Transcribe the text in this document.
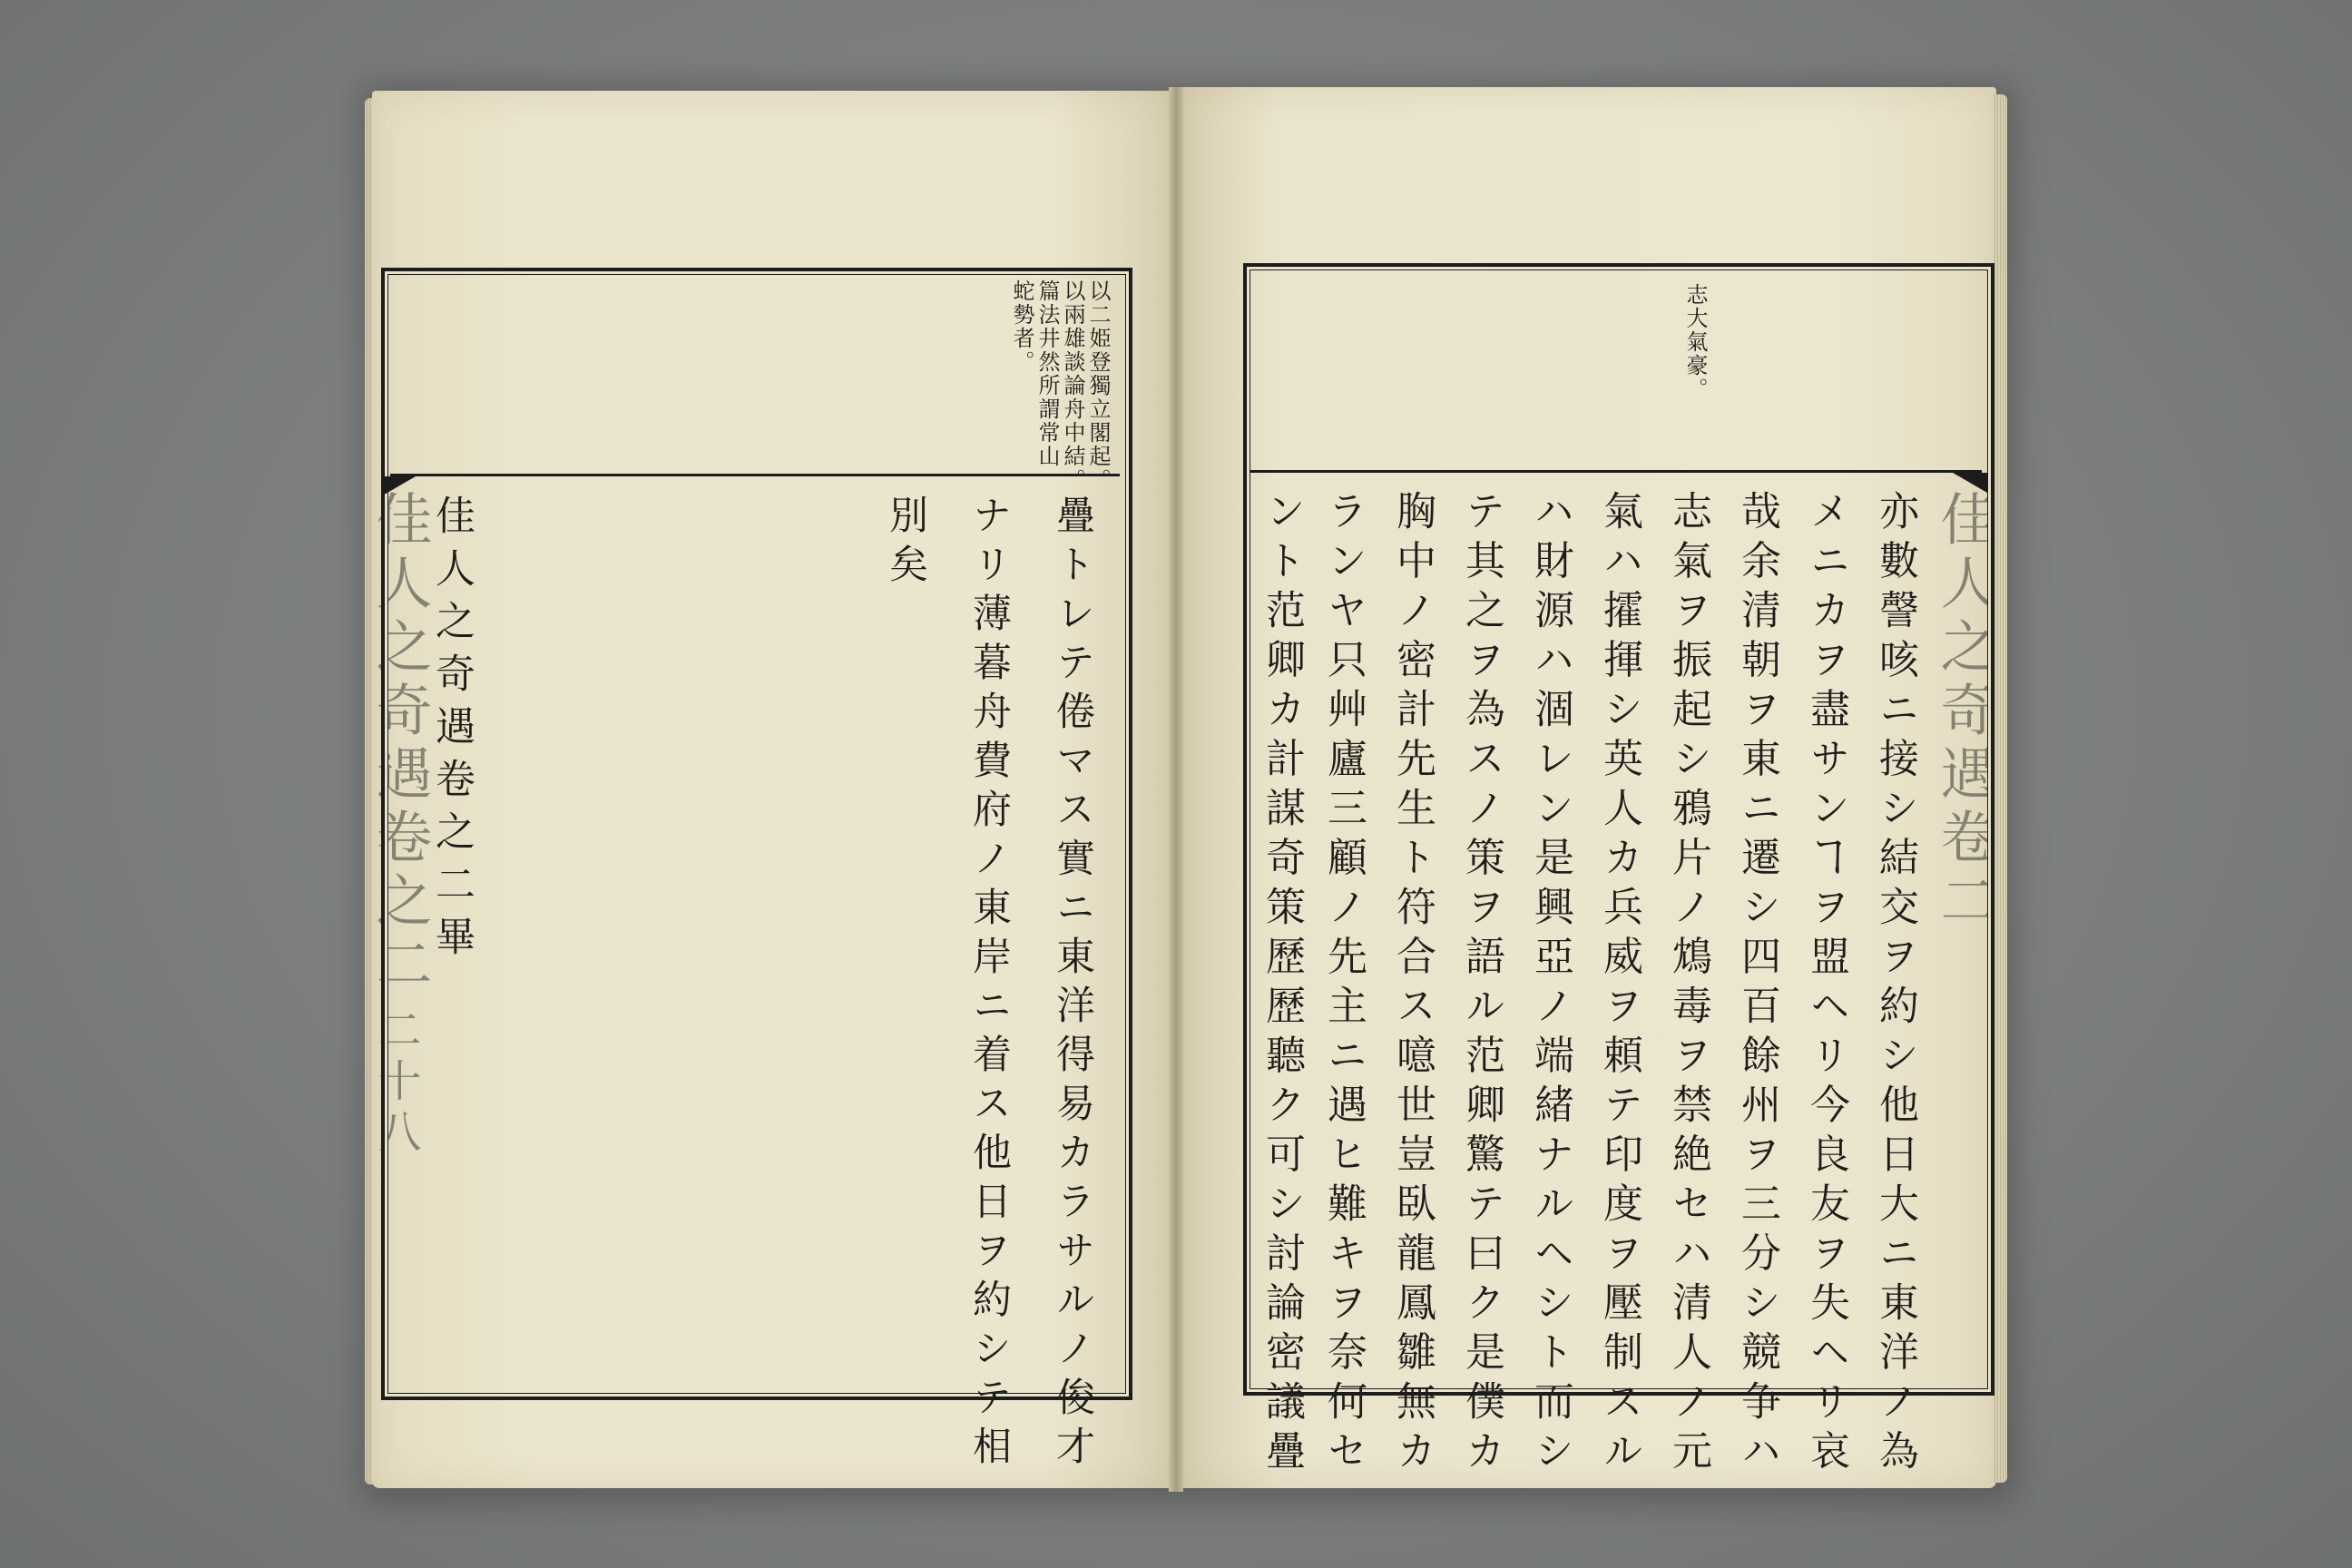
佳人之奇遇卷之二
二十八
佳人之奇遇卷二
以二姫登獨立閣起。
以兩雄談論舟中結。
篇法井然所謂常山
蛇勢者。
疊トレテ倦マス實ニ東洋得易カラサルノ俊才
ナリ薄暮舟費府ノ東岸ニ着ス他日ヲ約シテ相
別矣
佳人之奇遇卷之二畢
志大氣豪。
亦數謦咳ニ接シ結交ヲ約シ他日大ニ東洋ノ為
メニカヲ盡サンヿヲ盟ヘリ今良友ヲ失ヘリ哀
哉余清朝ヲ東ニ遷シ四百餘州ヲ三分シ競争ハ
志氣ヲ振起シ鴉片ノ鴆毒ヲ禁絶セハ清人ノ元
氣ハ攉揮シ英人カ兵威ヲ頼テ印度ヲ壓制スル
ハ財源ハ涸レン是興亞ノ端緒ナルヘシト而シ
テ其之ヲ為スノ策ヲ語ル范卿驚テ曰ク是僕カ
胸中ノ密計先生ト符合ス噫世豈臥龍鳳雛無カ
ランヤ只艸廬三顧ノ先主ニ遇ヒ難キヲ奈何セ
ント范卿カ計謀奇策歷歷聽ク可シ討論密議疊
